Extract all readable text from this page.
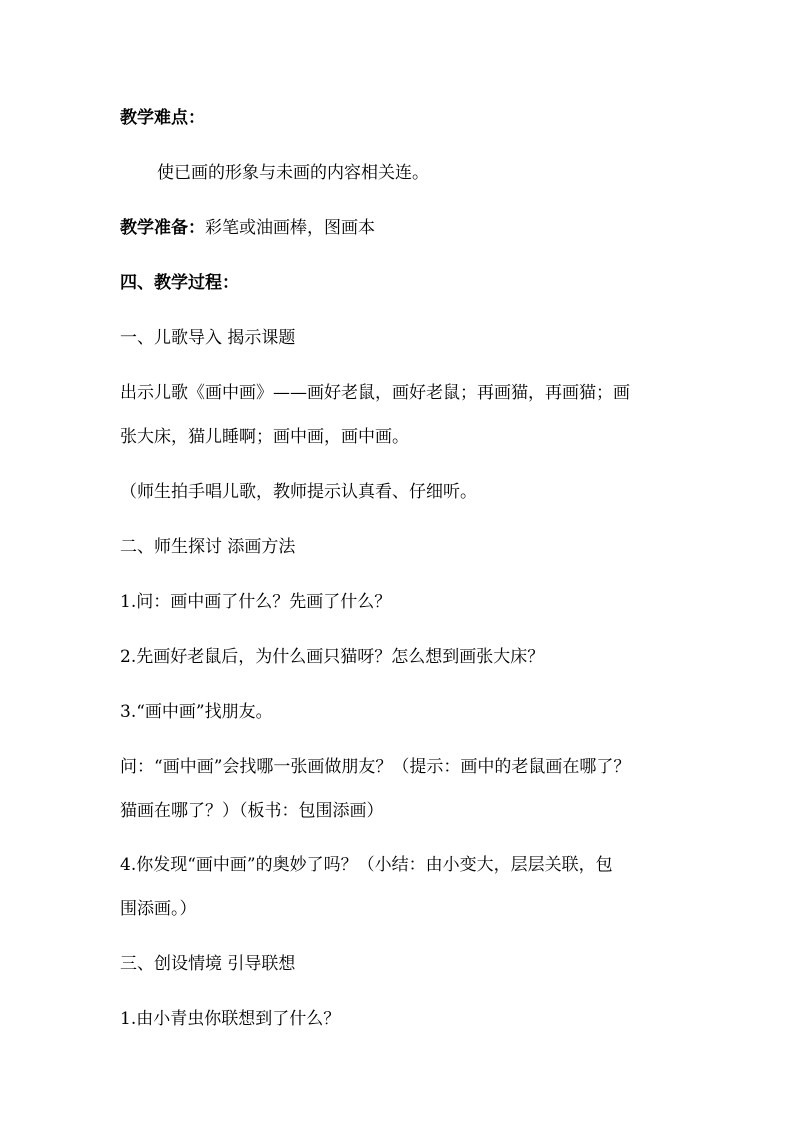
教学难点：
使已画的形象与未画的内容相关连。
教学准备：彩笔或油画棒，图画本
四、教学过程：
一、儿歌导入 揭示课题
出示儿歌《画中画》——画好老鼠，画好老鼠；再画猫，再画猫；画
张大床，猫儿睡啊；画中画，画中画。
（师生拍手唱儿歌，教师提示认真看、仔细听。
二、师生探讨 添画方法
1.问：画中画了什么？先画了什么？
2.先画好老鼠后，为什么画只猫呀？怎么想到画张大床？
3.“画中画”找朋友。
问：“画中画”会找哪一张画做朋友？（提示：画中的老鼠画在哪了？
猫画在哪了？）（板书：包围添画）
4.你发现“画中画”的奥妙了吗？（小结：由小变大，层层关联，包
围添画。）
三、创设情境 引导联想
1.由小青虫你联想到了什么？
